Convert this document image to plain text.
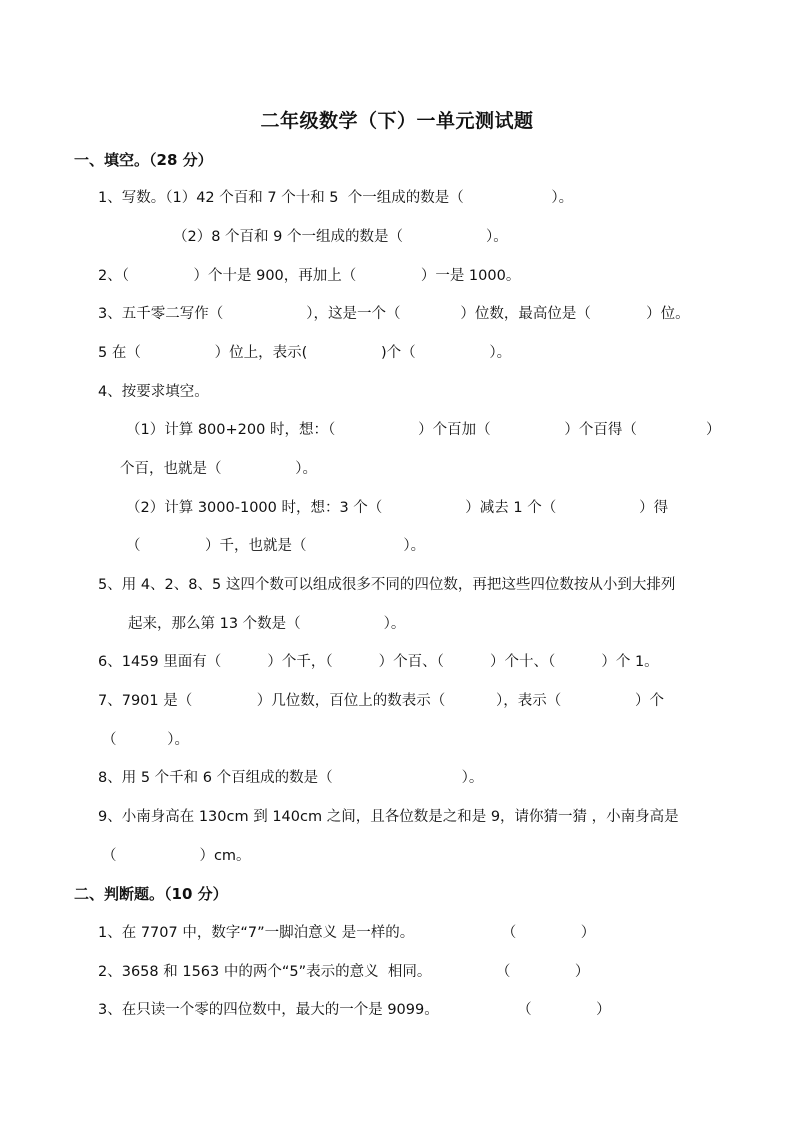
二年级数学（下）一单元测试题
一、填空。（28 分）
1、写数。（1）42 个百和 7 个十和 5  个一组成的数是（                   ）。
（2）8 个百和 9 个一组成的数是（                  ）。
2、（              ）个十是 900，再加上（              ）一是 1000。
3、五千零二写作（                  ），这是一个（             ）位数，最高位是（            ）位。
5 在（                ）位上，表示(                )个（                ）。
4、按要求填空。
（1）计算 800+200 时，想：（                  ）个百加（                ）个百得（               ）
个百，也就是（                ）。
（2）计算 3000-1000 时，想：3 个（                  ）减去 1 个（                  ）得
（              ）千，也就是（                     ）。
5、用 4、2、8、5 这四个数可以组成很多不同的四位数，再把这些四位数按从小到大排列
起来，那么第 13 个数是（                  ）。
6、1459 里面有（          ）个千，（          ）个百、（          ）个十、（          ）个 1。
7、7901 是（              ）几位数，百位上的数表示（           ），表示（                ）个
（           ）。
8、用 5 个千和 6 个百组成的数是（                            ）。
9、小南身高在 130cm 到 140cm 之间，且各位数是之和是 9，请你猜一猜 ，小南身高是
（                  ）cm。
二、判断题。（10 分）
1、在 7707 中，数字“7”一脚泊意义 是一样的。                   （              ）
2、3658 和 1563 中的两个“5”表示的意义  相同。              （              ）
3、在只读一个零的四位数中，最大的一个是 9099。                 （              ）
